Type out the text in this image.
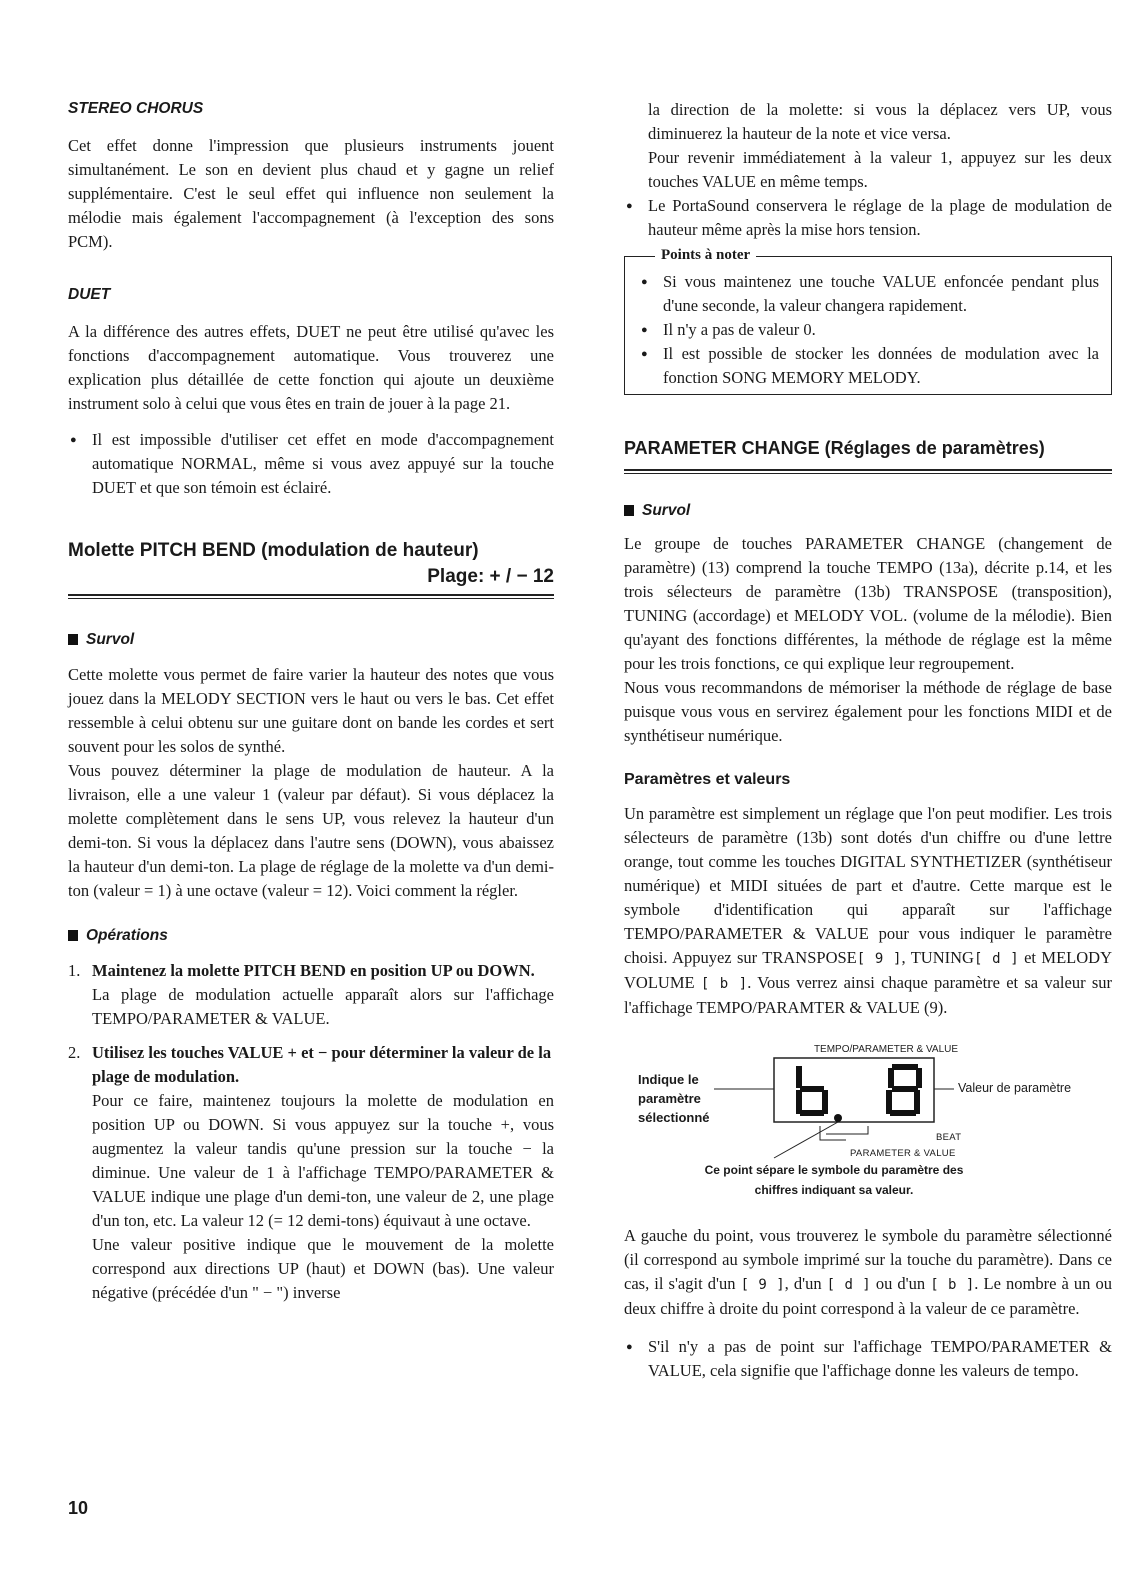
STEREO CHORUS

Cet effet donne l'impression que plusieurs instruments jouent simultanément. Le son en devient plus chaud et y gagne un relief supplémentaire. C'est le seul effet qui influence non seulement la mélodie mais également l'accompagnement (à l'exception des sons PCM).

DUET

A la différence des autres effets, DUET ne peut être utilisé qu'avec les fonctions d'accompagnement automatique. Vous trouverez une explication plus détaillée de cette fonction qui ajoute un deuxième instrument solo à celui que vous êtes en train de jouer à la page 21.

● Il est impossible d'utiliser cet effet en mode d'accompagnement automatique NORMAL, même si vous avez appuyé sur la touche DUET et que son témoin est éclairé.
Molette PITCH BEND (modulation de hauteur)
Plage: + / − 12
Survol

Cette molette vous permet de faire varier la hauteur des notes que vous jouez dans la MELODY SECTION vers le haut ou vers le bas. Cet effet ressemble à celui obtenu sur une guitare dont on bande les cordes et sert souvent pour les solos de synthé.

Vous pouvez déterminer la plage de modulation de hauteur. A la livraison, elle a une valeur 1 (valeur par défaut). Si vous déplacez la molette complètement dans le sens UP, vous relevez la hauteur d'un demi-ton. Si vous la déplacez dans l'autre sens (DOWN), vous abaissez la hauteur d'un demi-ton. La plage de réglage de la molette va d'un demi-ton (valeur = 1) à une octave (valeur = 12). Voici comment la régler.

Opérations
1. Maintenez la molette PITCH BEND en position UP ou DOWN.

La plage de modulation actuelle apparaît alors sur l'affichage TEMPO/PARAMETER & VALUE.

2. Utilisez les touches VALUE + et − pour déterminer la valeur de la plage de modulation.

Pour ce faire, maintenez toujours la molette de modulation en position UP ou DOWN. Si vous appuyez sur la touche +, vous augmentez la valeur tandis qu'une pression sur la touche − la diminue. Une valeur de 1 à l'affichage TEMPO/PARAMETER & VALUE indique une plage d'un demi-ton, une valeur de 2, une plage d'un ton, etc. La valeur 12 (= 12 demi-tons) équivaut à une octave.

Une valeur positive indique que le mouvement de la molette correspond aux directions UP (haut) et DOWN (bas). Une valeur négative (précédée d'un " − ") inverse

10

la direction de la molette: si vous la déplacez vers UP, vous diminuerez la hauteur de la note et vice versa.

Pour revenir immédiatement à la valeur 1, appuyez sur les deux touches VALUE en même temps.

● Le PortaSound conservera le réglage de la plage de modulation de hauteur même après la mise hors tension.
Points à noter
● Si vous maintenez une touche VALUE enfoncée pendant plus d'une seconde, la valeur changera rapidement.
● Il n'y a pas de valeur 0.
● Il est possible de stocker les données de modulation avec la fonction SONG MEMORY MELODY.
PARAMETER CHANGE (Réglages de paramètres)
Survol

Le groupe de touches PARAMETER CHANGE (changement de paramètre) (13) comprend la touche TEMPO (13a), décrite p.14, et les trois sélecteurs de paramètre (13b) TRANSPOSE (transposition), TUNING (accordage) et MELODY VOL. (volume de la mélodie). Bien qu'ayant des fonctions différentes, la méthode de réglage est la même pour les trois fonctions, ce qui explique leur regroupement.

Nous vous recommandons de mémoriser la méthode de réglage de base puisque vous vous en servirez également pour les fonctions MIDI et de synthétiseur numérique.

Paramètres et valeurs

Un paramètre est simplement un réglage que l'on peut modifier. Les trois sélecteurs de paramètre (13b) sont dotés d'un chiffre ou d'une lettre orange, tout comme les touches DIGITAL SYNTHETIZER (synthétiseur numérique) et MIDI situées de part et d'autre. Cette marque est le symbole d'identification qui apparaît sur l'affichage TEMPO/PARAMETER & VALUE pour vous indiquer le paramètre choisi. Appuyez sur TRANSPOSE[ 9 ], TUNING[ d ] et MELODY VOLUME [ b ]. Vous verrez ainsi chaque paramètre et sa valeur sur l'affichage TEMPO/PARAMTER & VALUE (9).

TEMPO/PARAMETER & VALUE
Indique le
paramètre
sélectionné
Valeur de paramètre
BEAT
PARAMETER & VALUE
Ce point sépare le symbole du paramètre des
chiffres indiquant sa valeur.

A gauche du point, vous trouverez le symbole du paramètre sélectionné (il correspond au symbole imprimé sur la touche du paramètre). Dans ce cas, il s'agit d'un [ 9 ], d'un [ d ] ou d'un [ b ]. Le nombre à un ou deux chiffre à droite du point correspond à la valeur de ce paramètre.

● S'il n'y a pas de point sur l'affichage TEMPO/PARAMETER & VALUE, cela signifie que l'affichage donne les valeurs de tempo.
